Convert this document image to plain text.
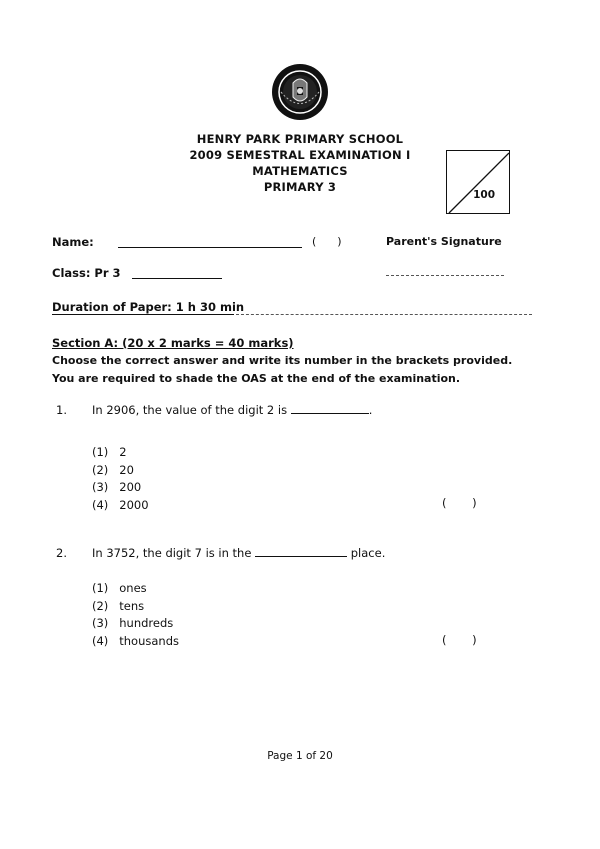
HENRY PARK PRIMARY SCHOOL
2009 SEMESTRAL EXAMINATION I
MATHEMATICS
PRIMARY 3
100
Name:	(      )	Parent's Signature
Class: Pr 3
Duration of Paper: 1 h 30 min
Section A: (20 x 2 marks = 40 marks)
Choose the correct answer and write its number in the brackets provided.
You are required to shade the OAS at the end of the examination.
1. In 2906, the value of the digit 2 is	.
(1)   2
(2)   20
(3)   200
(4)   2000	(       )
2. In 3752, the digit 7 is in the	place.
(1)   ones
(2)   tens
(3)   hundreds
(4)   thousands	(       )
Page 1 of 20
